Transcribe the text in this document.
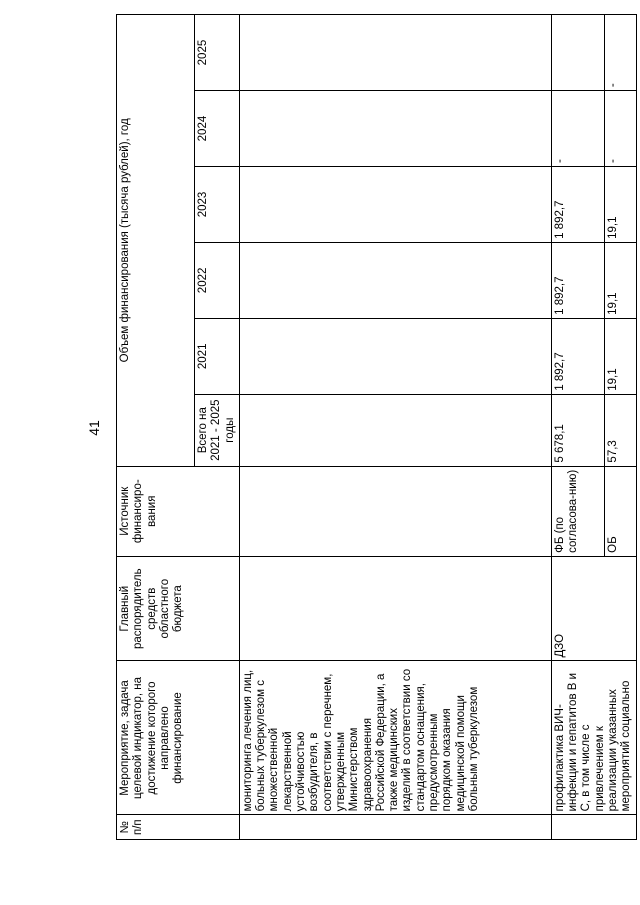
41
№ п/п	Мероприятие, задача целевой индикатор, на достижение которого направлено финансирование	Главный распорядитель средств областного бюджета	Источник финансиро-вания	Объем финансирования (тысяча рублей), год					
				Всего на 2021 - 2025 годы	2021	2022	2023	2024	2025
	мониторинга лечения лиц, больных туберкулезом с множественной лекарственной устойчивостью возбудителя, в соответствии с перечнем, утвержденным Министерством здравоохранения Российской Федерации, а также медицинских изделий в соответствии со стандартом оснащения, предусмотренным порядком оказания медицинской помощи больным туберкулезом								
	профилактика ВИЧ-инфекции и гепатитов В и С, в том числе с привлечением к реализации указанных мероприятий социально	ДЗО	ФБ (по согласова-нию)	5 678,1	1 892,7	1 892,7	1 892,7	-	
			ОБ	57,3	19,1	19,1	19,1	-	-
